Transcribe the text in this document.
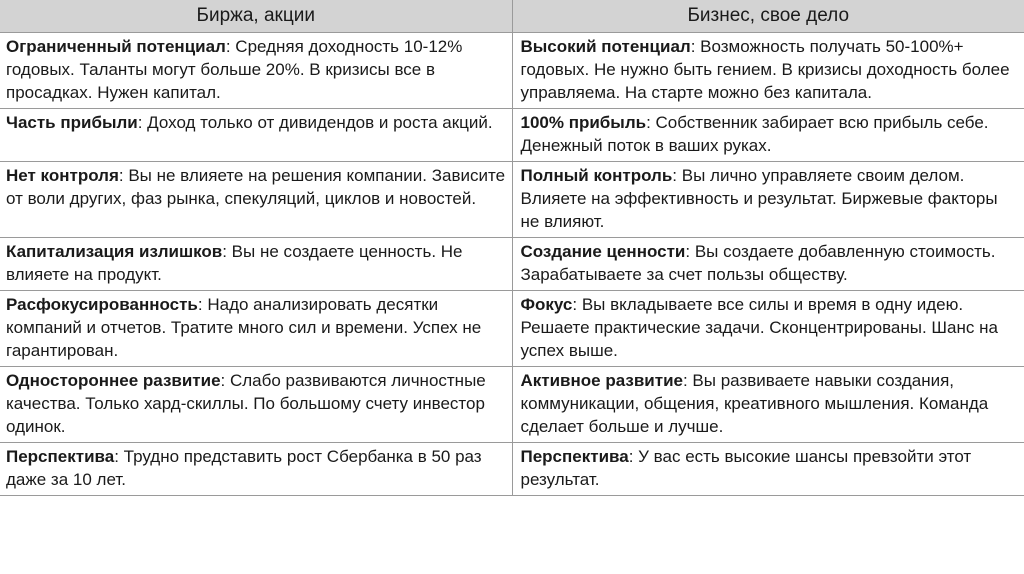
Биржа, акции	Бизнес, свое дело
Ограниченный потенциал: Средняя доходность 10-12% годовых. Таланты могут больше 20%. В кризисы все в просадках. Нужен капитал.	Высокий потенциал: Возможность получать 50-100%+ годовых. Не нужно быть гением. В кризисы доходность более управляема. На старте можно без капитала.
Часть прибыли: Доход только от дивидендов и роста акций.	100% прибыль: Собственник забирает всю прибыль себе. Денежный поток в ваших руках.
Нет контроля: Вы не влияете на решения компании. Зависите от воли других, фаз рынка, спекуляций, циклов и новостей.	Полный контроль: Вы лично управляете своим делом. Влияете на эффективность и результат. Биржевые факторы не влияют.
Капитализация излишков: Вы не создаете ценность. Не влияете на продукт.	Создание ценности: Вы создаете добавленную стоимость. Зарабатываете за счет пользы обществу.
Расфокусированность: Надо анализировать десятки компаний и отчетов. Тратите много сил и времени. Успех не гарантирован.	Фокус: Вы вкладываете все силы и время в одну идею. Решаете практические задачи. Сконцентрированы. Шанс на успех выше.
Одностороннее развитие: Слабо развиваются личностные качества. Только хард-скиллы. По большому счету инвестор одинок.	Активное развитие: Вы развиваете навыки создания, коммуникации, общения, креативного мышления. Команда сделает больше и лучше.
Перспектива: Трудно представить рост Сбербанка в 50 раз даже за 10 лет.	Перспектива: У вас есть высокие шансы превзойти этот результат.
